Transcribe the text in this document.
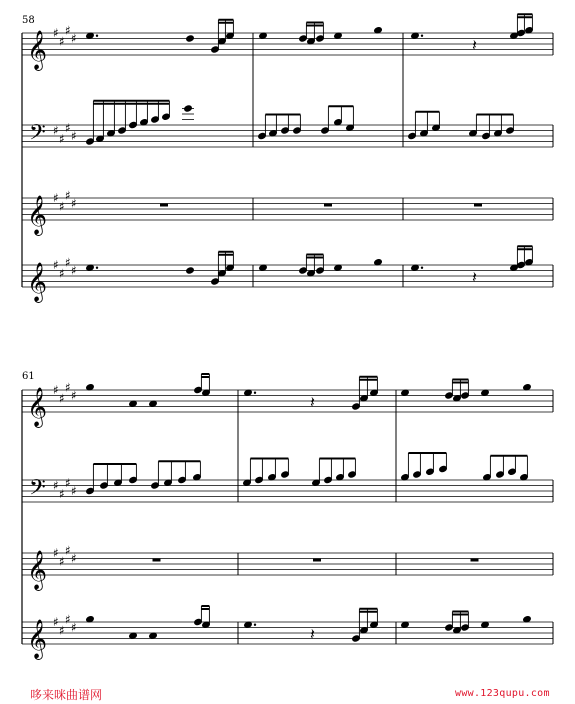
𝄞	𝄽
♯
♯
♯
♯
𝄢 ♯
♯
♯
♯
𝄞 ♯
♯
♯
♯
𝄞	𝄽
♯
♯
♯
♯
𝄞	𝄽
♯
♯
♯
♯
𝄢 ♯
♯
♯
♯
𝄞 ♯
♯
♯
♯
𝄞	𝄽
♯
♯
♯
♯
58
61
哆来咪曲谱网	www.123qupu.com
